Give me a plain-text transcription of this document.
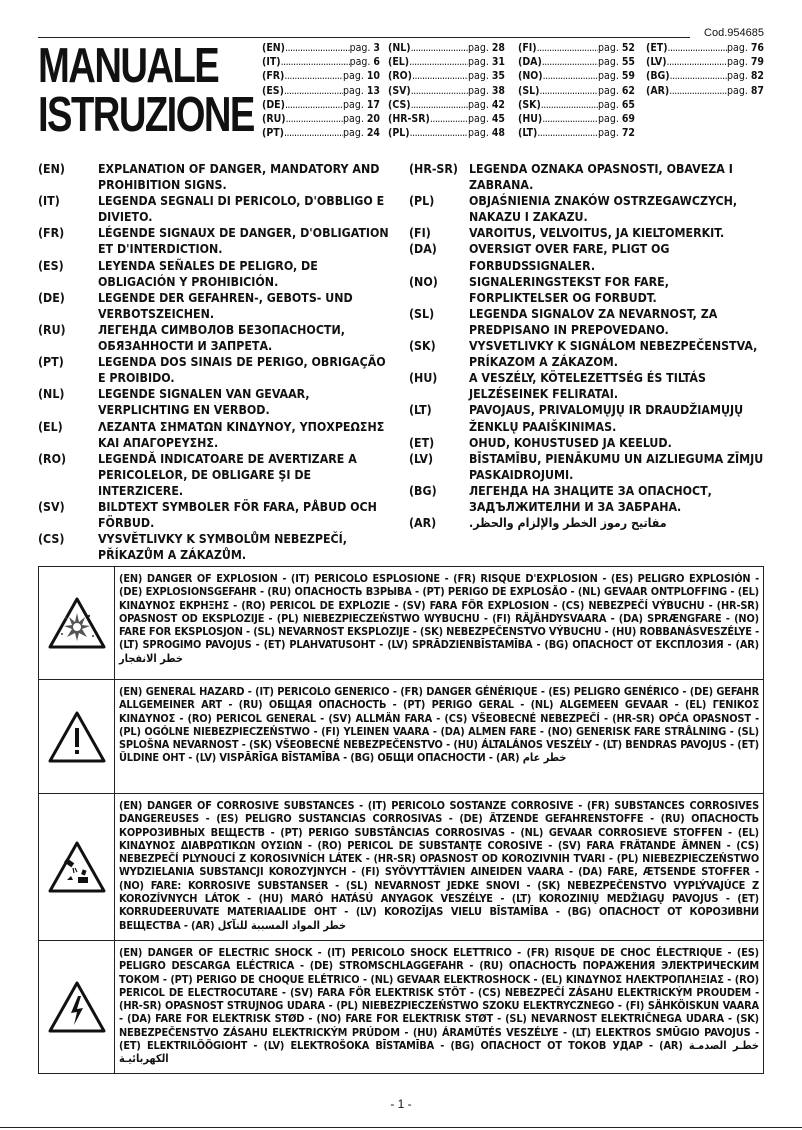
Cod.954685
MANUALE
ISTRUZIONE
(EN) .....	pag. 3
(IT) .....	pag. 6
(FR) .....	pag. 10
(ES) .....	pag. 13
(DE) .....	pag. 17
(RU) .....	pag. 20
(PT) .....	pag. 24
(NL) .....	pag. 28
(EL) .....	pag. 31
(RO) .....	pag. 35
(SV) .....	pag. 38
(CS) .....	pag. 42
(HR-SR) .....	pag. 45
(PL) .....	pag. 48
(FI) .....	pag. 52
(DA) .....	pag. 55
(NO) .....	pag. 59
(SL) .....	pag. 62
(SK) .....	pag. 65
(HU) .....	pag. 69
(LT) .....	pag. 72
(ET) .....	pag. 76
(LV) .....	pag. 79
(BG) .....	pag. 82
(AR) .....	pag. 87
(EN)	EXPLANATION OF DANGER, MANDATORY AND PROHIBITION SIGNS.
(IT)	LEGENDA SEGNALI DI PERICOLO, D'OBBLIGO E DIVIETO.
(FR)	LÉGENDE SIGNAUX DE DANGER, D'OBLIGATION ET D'INTERDICTION.
(ES)	LEYENDA SEÑALES DE PELIGRO, DE OBLIGACIÓN Y PROHIBICIÓN.
(DE)	LEGENDE DER GEFAHREN-, GEBOTS- UND VERBOTSZEICHEN.
(RU)	ЛЕГЕНДА СИМВОЛОВ БЕЗОПАСНОСТИ, ОБЯЗАННОСТИ И ЗАПРЕТА.
(PT)	LEGENDA DOS SINAIS DE PERIGO, OBRIGAÇÃO E PROIBIDO.
(NL)	LEGENDE SIGNALEN VAN GEVAAR, VERPLICHTING EN VERBOD.
(EL)	ΛΕΖΑΝΤΑ ΣΗΜΑΤΩΝ ΚΙΝΔΥΝΟΥ, ΥΠΟΧΡΕΩΣΗΣ ΚΑΙ ΑΠΑΓΟΡΕΥΣΗΣ.
(RO)	LEGENDĂ INDICATOARE DE AVERTIZARE A PERICOLELOR, DE OBLIGARE ŞI DE INTERZICERE.
(SV)	BILDTEXT SYMBOLER FÖR FARA, PÅBUD OCH FÖRBUD.
(CS)	VYSVĚTLIVKY K SYMBOLŮM NEBEZPEČÍ, PŘÍKAZŮM A ZÁKAZŮM.
(HR-SR) LEGENDA OZNAKA OPASNOSTI, OBAVEZA I ZABRANA.
(PL)	OBJAŚNIENIA ZNAKÓW OSTRZEGAWCZYCH, NAKAZU I ZAKAZU.
(FI)	VAROITUS, VELVOITUS, JA KIELTOMERKIT.
(DA)	OVERSIGT OVER FARE, PLIGT OG FORBUDSSIGNALER.
(NO)	SIGNALERINGSTEKST FOR FARE, FORPLIKTELSER OG FORBUDT.
(SL)	LEGENDA SIGNALOV ZA NEVARNOST, ZA PREDPISANO IN PREPOVEDANO.
(SK)	VYSVETLIVKY K SIGNÁLOM NEBEZPEČENSTVA, PRÍKAZOM A ZÁKAZOM.
(HU)	A VESZÉLY, KÖTELEZETTSÉG ÉS TILTÁS JELZÉSEINEK FELIRATAI.
(LT)	PAVOJAUS, PRIVALOMŲJŲ IR DRAUDŽIAMŲJŲ ŽENKLŲ PAAIŠKINIMAS.
(ET)	OHUD, KOHUSTUSED JA KEELUD.
(LV)	BĪSTAMĪBU, PIENĀKUMU UN AIZLIEGUMA ZĪMJU PASKAIDROJUMI.
(BG)	ЛЕГЕНДА НА ЗНАЦИТЕ ЗА ОПАСНОСТ, ЗАДЪЛЖИТЕЛНИ И ЗА ЗАБРАНА.
(AR)	مفاتيح رموز الخطر والإلزام والحظر.
(EN) DANGER OF EXPLOSION - (IT) PERICOLO ESPLOSIONE - (FR) RISQUE D'EXPLOSION - (ES) PELIGRO EXPLOSIÓN - (DE) EXPLOSIONSGEFAHR - (RU) ОПАСНОСТЬ ВЗРЫВА - (PT) PERIGO DE EXPLOSÃO - (NL) GEVAAR ONTPLOFFING - (EL) ΚΙΝΔΥΝΟΣ ΕΚΡΗΞΗΣ - (RO) PERICOL DE EXPLOZIE - (SV) FARA FÖR EXPLOSION - (CS) NEBEZPEČÍ VÝBUCHU - (HR-SR) OPASNOST OD EKSPLOZIJE - (PL) NIEBEZPIECZEŃSTWO WYBUCHU - (FI) RÄJÄHDYSVAARA - (DA) SPRÆNGFARE - (NO) FARE FOR EKSPLOSJON - (SL) NEVARNOST EKSPLOZIJE - (SK) NEBEZPEČENSTVO VÝBUCHU - (HU) ROBBANÁSVESZÉLYE - (LT) SPROGIMO PAVOJUS - (ET) PLAHVATUSOHT - (LV) SPRĀDZIENBĪSTAMĪBA - (BG) ОПАСНОСТ ОТ ЕКСПЛОЗИЯ - (AR) خطر الانفجار
(EN) GENERAL HAZARD - (IT) PERICOLO GENERICO - (FR) DANGER GÉNÉRIQUE - (ES) PELIGRO GENÉRICO - (DE) GEFAHR ALLGEMEINER ART - (RU) ОБЩАЯ ОПАСНОСТЬ - (PT) PERIGO GERAL - (NL) ALGEMEEN GEVAAR - (EL) ΓΕΝΙΚΟΣ ΚΙΝΔΥΝΟΣ - (RO) PERICOL GENERAL - (SV) ALLMÄN FARA - (CS) VŠEOBECNÉ NEBEZPEČÍ - (HR-SR) OPĆA OPASNOST - (PL) OGÓLNE NIEBEZPIECZEŃSTWO - (FI) YLEINEN VAARA - (DA) ALMEN FARE - (NO) GENERISK FARE STRÅLNING - (SL) SPLOŠNA NEVARNOST - (SK) VŠEOBECNÉ NEBEZPEČENSTVO - (HU) ÁLTALÁNOS VESZÉLY - (LT) BENDRAS PAVOJUS - (ET) ÜLDINE OHT - (LV) VISPĀRĪGA BĪSTAMĪBA - (BG) ОБЩИ ОПАСНОСТИ - (AR) خطر عام
(EN) DANGER OF CORROSIVE SUBSTANCES - (IT) PERICOLO SOSTANZE CORROSIVE - (FR) SUBSTANCES CORROSIVES DANGEREUSES - (ES) PELIGRO SUSTANCIAS CORROSIVAS - (DE) ÄTZENDE GEFAHRENSTOFFE - (RU) ОПАСНОСТЬ КОРРОЗИВНЫХ ВЕЩЕСТВ - (PT) PERIGO SUBSTÂNCIAS CORROSIVAS - (NL) GEVAAR CORROSIEVE STOFFEN - (EL) ΚΙΝΔΥΝΟΣ ΔΙΑΒΡΩΤΙΚΩΝ ΟΥΣΙΩΝ - (RO) PERICOL DE SUBSTANŢE COROSIVE - (SV) FARA FRÄTANDE ÄMNEN - (CS) NEBEZPEČÍ PLYNOUCÍ Z KOROSIVNÍCH LÁTEK - (HR-SR) OPASNOST OD KOROZIVNIH TVARI - (PL) NIEBEZPIECZEŃSTWO WYDZIELANIA SUBSTANCJI KOROZYJNYCH - (FI) SYÖVYTTÄVIEN AINEIDEN VAARA - (DA) FARE, ÆTSENDE STOFFER - (NO) FARE: KORROSIVE SUBSTANSER - (SL) NEVARNOST JEDKE SNOVI - (SK) NEBEZPEČENSTVO VYPLÝVAJÚCE Z KOROZÍVNYCH LÁTOK - (HU) MARÓ HATÁSÚ ANYAGOK VESZÉLYE - (LT) KOROZINIŲ MEDŽIAGŲ PAVOJUS - (ET) KORRUDEERUVATE MATERIAALIDE OHT - (LV) KOROZĪJAS VIELU BĪSTAMĪBA - (BG) ОПАСНОСТ ОТ КОРОЗИВНИ ВЕЩЕСТВА - (AR) خطر المواد المسببة للتآكل
(EN) DANGER OF ELECTRIC SHOCK - (IT) PERICOLO SHOCK ELETTRICO - (FR) RISQUE DE CHOC ÉLECTRIQUE - (ES) PELIGRO DESCARGA ELÉCTRICA - (DE) STROMSCHLAGGEFAHR - (RU) ОПАСНОСТЬ ПОРАЖЕНИЯ ЭЛЕКТРИЧЕСКИМ ТОКОМ - (PT) PERIGO DE CHOQUE ELÉTRICO - (NL) GEVAAR ELEKTROSHOCK - (EL) ΚΙΝΔΥΝΟΣ ΗΛΕΚΤΡΟΠΛΗΞΙΑΣ - (RO) PERICOL DE ELECTROCUTARE - (SV) FARA FÖR ELEKTRISK STÖT - (CS) NEBEZPEČÍ ZÁSAHU ELEKTRICKÝM PROUDEM - (HR-SR) OPASNOST STRUJNOG UDARA - (PL) NIEBEZPIECZEŃSTWO SZOKU ELEKTRYCZNEGO - (FI) SÄHKÖISKUN VAARA - (DA) FARE FOR ELEKTRISK STØD - (NO) FARE FOR ELEKTRISK STØT - (SL) NEVARNOST ELEKTRIČNEGA UDARA - (SK) NEBEZPEČENSTVO ZÁSAHU ELEKTRICKÝM PRÚDOM - (HU) ÁRAMÜTÉS VESZÉLYE - (LT) ELEKTROS SMŪGIO PAVOJUS - (ET) ELEKTRILÖÖGIOHT - (LV) ELEKTROŠOKA BĪSTAMĪBA - (BG) ОПАСНОСТ ОТ ТОКОВ УДАР - (AR) خطـر الصدمـة الكهربائيـة
- 1 -
